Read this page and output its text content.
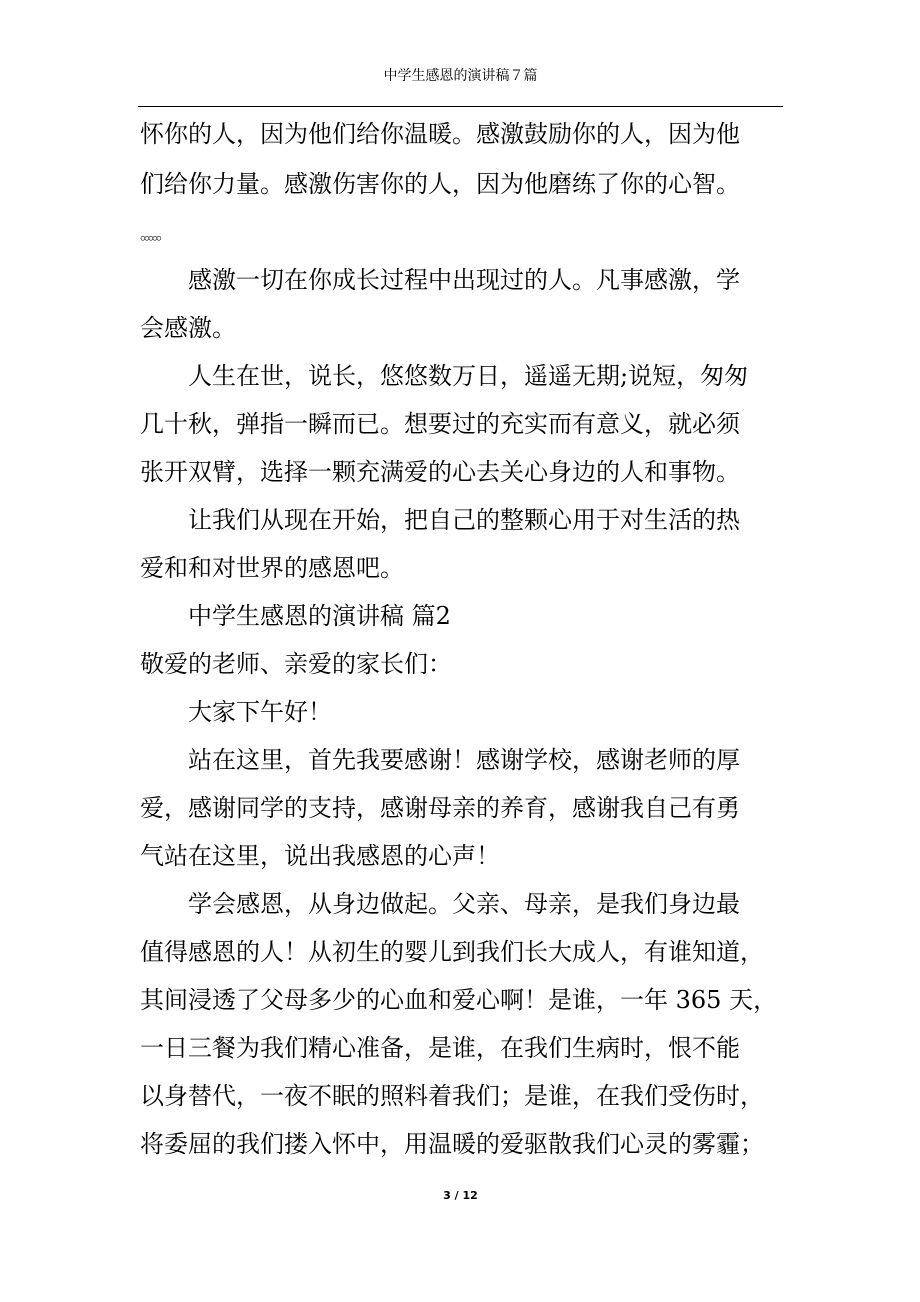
中学生感恩的演讲稿７篇
怀你的人，因为他们给你温暖。感激鼓励你的人，因为他
们给你力量。感激伤害你的人，因为他磨练了你的心智。
。。。。。
感激一切在你成长过程中出现过的人。凡事感激，学
会感激。
人生在世，说长，悠悠数万日，遥遥无期;说短，匆匆
几十秋，弹指一瞬而已。想要过的充实而有意义，就必须
张开双臂，选择一颗充满爱的心去关心身边的人和事物。
让我们从现在开始，把自己的整颗心用于对生活的热
爱和和对世界的感恩吧。
中学生感恩的演讲稿 篇2
敬爱的老师、亲爱的家长们：
大家下午好！
站在这里，首先我要感谢！感谢学校，感谢老师的厚
爱，感谢同学的支持，感谢母亲的养育，感谢我自己有勇
气站在这里，说出我感恩的心声！
学会感恩，从身边做起。父亲、母亲，是我们身边最
值得感恩的人！从初生的婴儿到我们长大成人，有谁知道，
其间浸透了父母多少的心血和爱心啊！是谁，一年 365 天，
一日三餐为我们精心准备，是谁，在我们生病时，恨不能
以身替代，一夜不眠的照料着我们；是谁，在我们受伤时，
将委屈的我们搂入怀中，用温暖的爱驱散我们心灵的雾霾；
3 / 12
